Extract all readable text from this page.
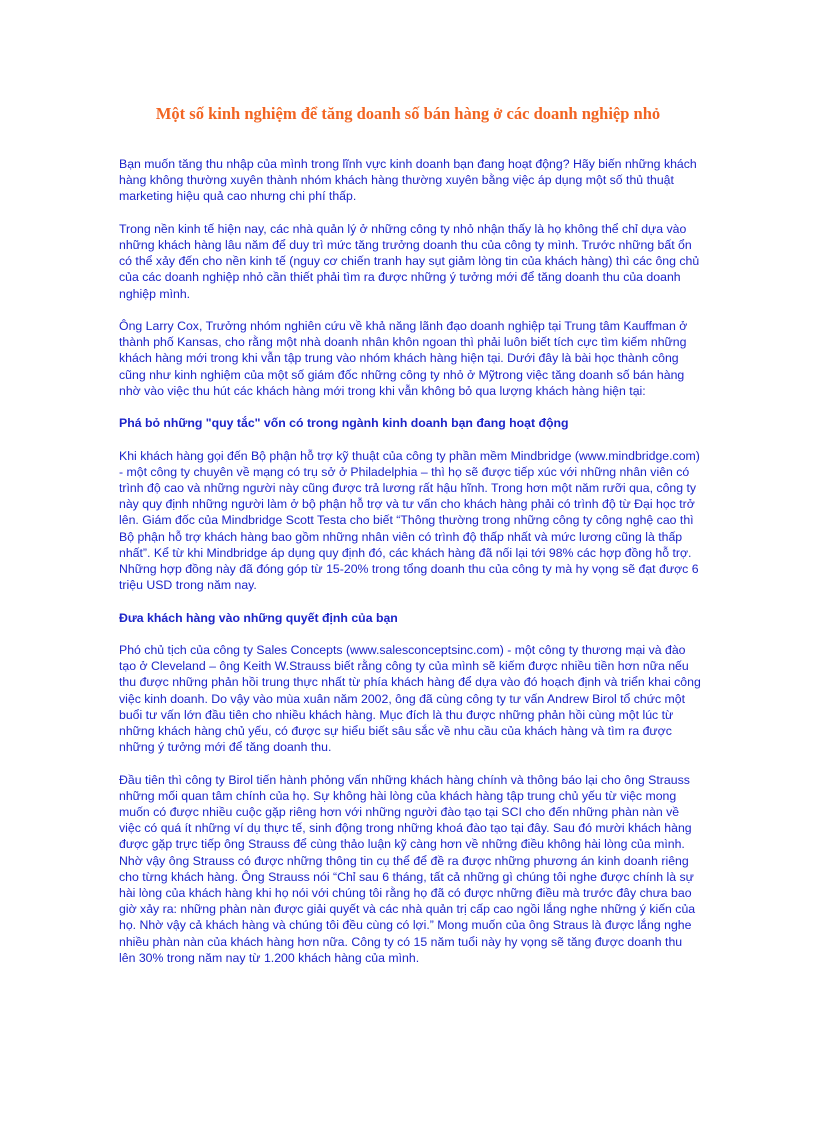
Một số kinh nghiệm để tăng doanh số bán hàng ở các doanh nghiệp nhỏ

Bạn muốn tăng thu nhập của mình trong lĩnh vực kinh doanh bạn đang hoạt động? Hãy biến những khách hàng không thường xuyên thành nhóm khách hàng thường xuyên bằng việc áp dụng một số thủ thuật marketing hiệu quả cao nhưng chi phí thấp.

Trong nền kinh tế hiện nay, các nhà quản lý ở những công ty nhỏ nhận thấy là họ không thể chỉ dựa vào những khách hàng lâu năm để duy trì mức tăng trưởng doanh thu của công ty mình. Trước những bất ổn có thể xảy đến cho nền kinh tế (nguy cơ chiến tranh hay sụt giảm lòng tin của khách hàng) thì các ông chủ của các doanh nghiệp nhỏ cần thiết phải tìm ra được những ý tưởng mới để tăng doanh thu của doanh nghiệp mình.

Ông Larry Cox, Trưởng nhóm nghiên cứu về khả năng lãnh đạo doanh nghiệp tại Trung tâm Kauffman ở thành phố Kansas, cho rằng một nhà doanh nhân khôn ngoan thì phải luôn biết tích cực tìm kiếm những khách hàng mới trong khi vẫn tập trung vào nhóm khách hàng hiện tại. Dưới đây là bài học thành công cũng như kinh nghiệm của một số giám đốc những công ty nhỏ ở Mỹtrong việc tăng doanh số bán hàng nhờ vào việc thu hút các khách hàng mới trong khi vẫn không bỏ qua lượng khách hàng hiện tại:

Phá bỏ những "quy tắc" vốn có trong ngành kinh doanh bạn đang hoạt động

Khi khách hàng gọi đến Bộ phận hỗ trợ kỹ thuật của công ty phần mềm Mindbridge (www.mindbridge.com) - một công ty chuyên về mạng có trụ sở ở Philadelphia – thì họ sẽ được tiếp xúc với những nhân viên có trình độ cao và những người này cũng được trả lương rất hậu hĩnh. Trong hơn một năm rưỡi qua, công ty này quy định những người làm ở bộ phận hỗ trợ và tư vấn cho khách hàng phải có trình độ từ Đại học trở lên. Giám đốc của Mindbridge Scott Testa cho biết “Thông thường trong những công ty công nghệ cao thì Bộ phận hỗ trợ khách hàng bao gồm những nhân viên có trình độ thấp nhất và mức lương cũng là thấp nhất”. Kể từ khi Mindbridge áp dụng quy định đó, các khách hàng đã nối lại tới 98% các hợp đồng hỗ trợ. Những hợp đồng này đã đóng góp từ 15-20% trong tổng doanh thu của công ty mà hy vọng sẽ đạt được 6 triệu USD trong năm nay.

Đưa khách hàng vào những quyết định của bạn

Phó chủ tịch của công ty Sales Concepts (www.salesconceptsinc.com) - một công ty thương mại và đào tạo ở Cleveland – ông Keith W.Strauss biết rằng công ty của mình sẽ kiếm được nhiều tiền hơn nữa nếu thu được những phản hồi trung thực nhất từ phía khách hàng để dựa vào đó hoạch định và triển khai công việc kinh doanh. Do vậy vào mùa xuân năm 2002, ông đã cùng công ty tư vấn Andrew Birol tổ chức một buổi tư vấn lớn đầu tiên cho nhiều khách hàng. Mục đích là thu được những phản hồi cùng một lúc từ những khách hàng chủ yếu, có được sự hiểu biết sâu sắc về nhu cầu của khách hàng và tìm ra được những ý tưởng mới để tăng doanh thu.

Đầu tiên thì công ty Birol tiến hành phỏng vấn những khách hàng chính và thông báo lại cho ông Strauss những mối quan tâm chính của họ. Sự không hài lòng của khách hàng tập trung chủ yếu từ việc mong muốn có được nhiều cuộc gặp riêng hơn với những người đào tạo tại SCI cho đến những phàn nàn về việc có quá ít những ví dụ thực tế, sinh động trong những khoá đào tạo tại đây. Sau đó mười khách hàng được gặp trực tiếp ông Strauss để cùng thảo luận kỹ càng hơn về những điều không hài lòng của mình. Nhờ vậy ông Strauss có được những thông tin cụ thể để đề ra được những phương án kinh doanh riêng cho từng khách hàng. Ông Strauss nói “Chỉ sau 6 tháng, tất cả những gì chúng tôi nghe được chính là sự hài lòng của khách hàng khi họ nói với chúng tôi rằng họ đã có được những điều mà trước đây chưa bao giờ xảy ra: những phàn nàn được giải quyết và các nhà quản trị cấp cao ngồi lắng nghe những ý kiến của họ. Nhờ vậy cả khách hàng và chúng tôi đều cùng có lợi.” Mong muốn của ông Straus là được lắng nghe nhiều phàn nàn của khách hàng hơn nữa. Công ty có 15 năm tuổi này hy vọng sẽ tăng được doanh thu lên 30% trong năm nay từ 1.200 khách hàng của mình.
